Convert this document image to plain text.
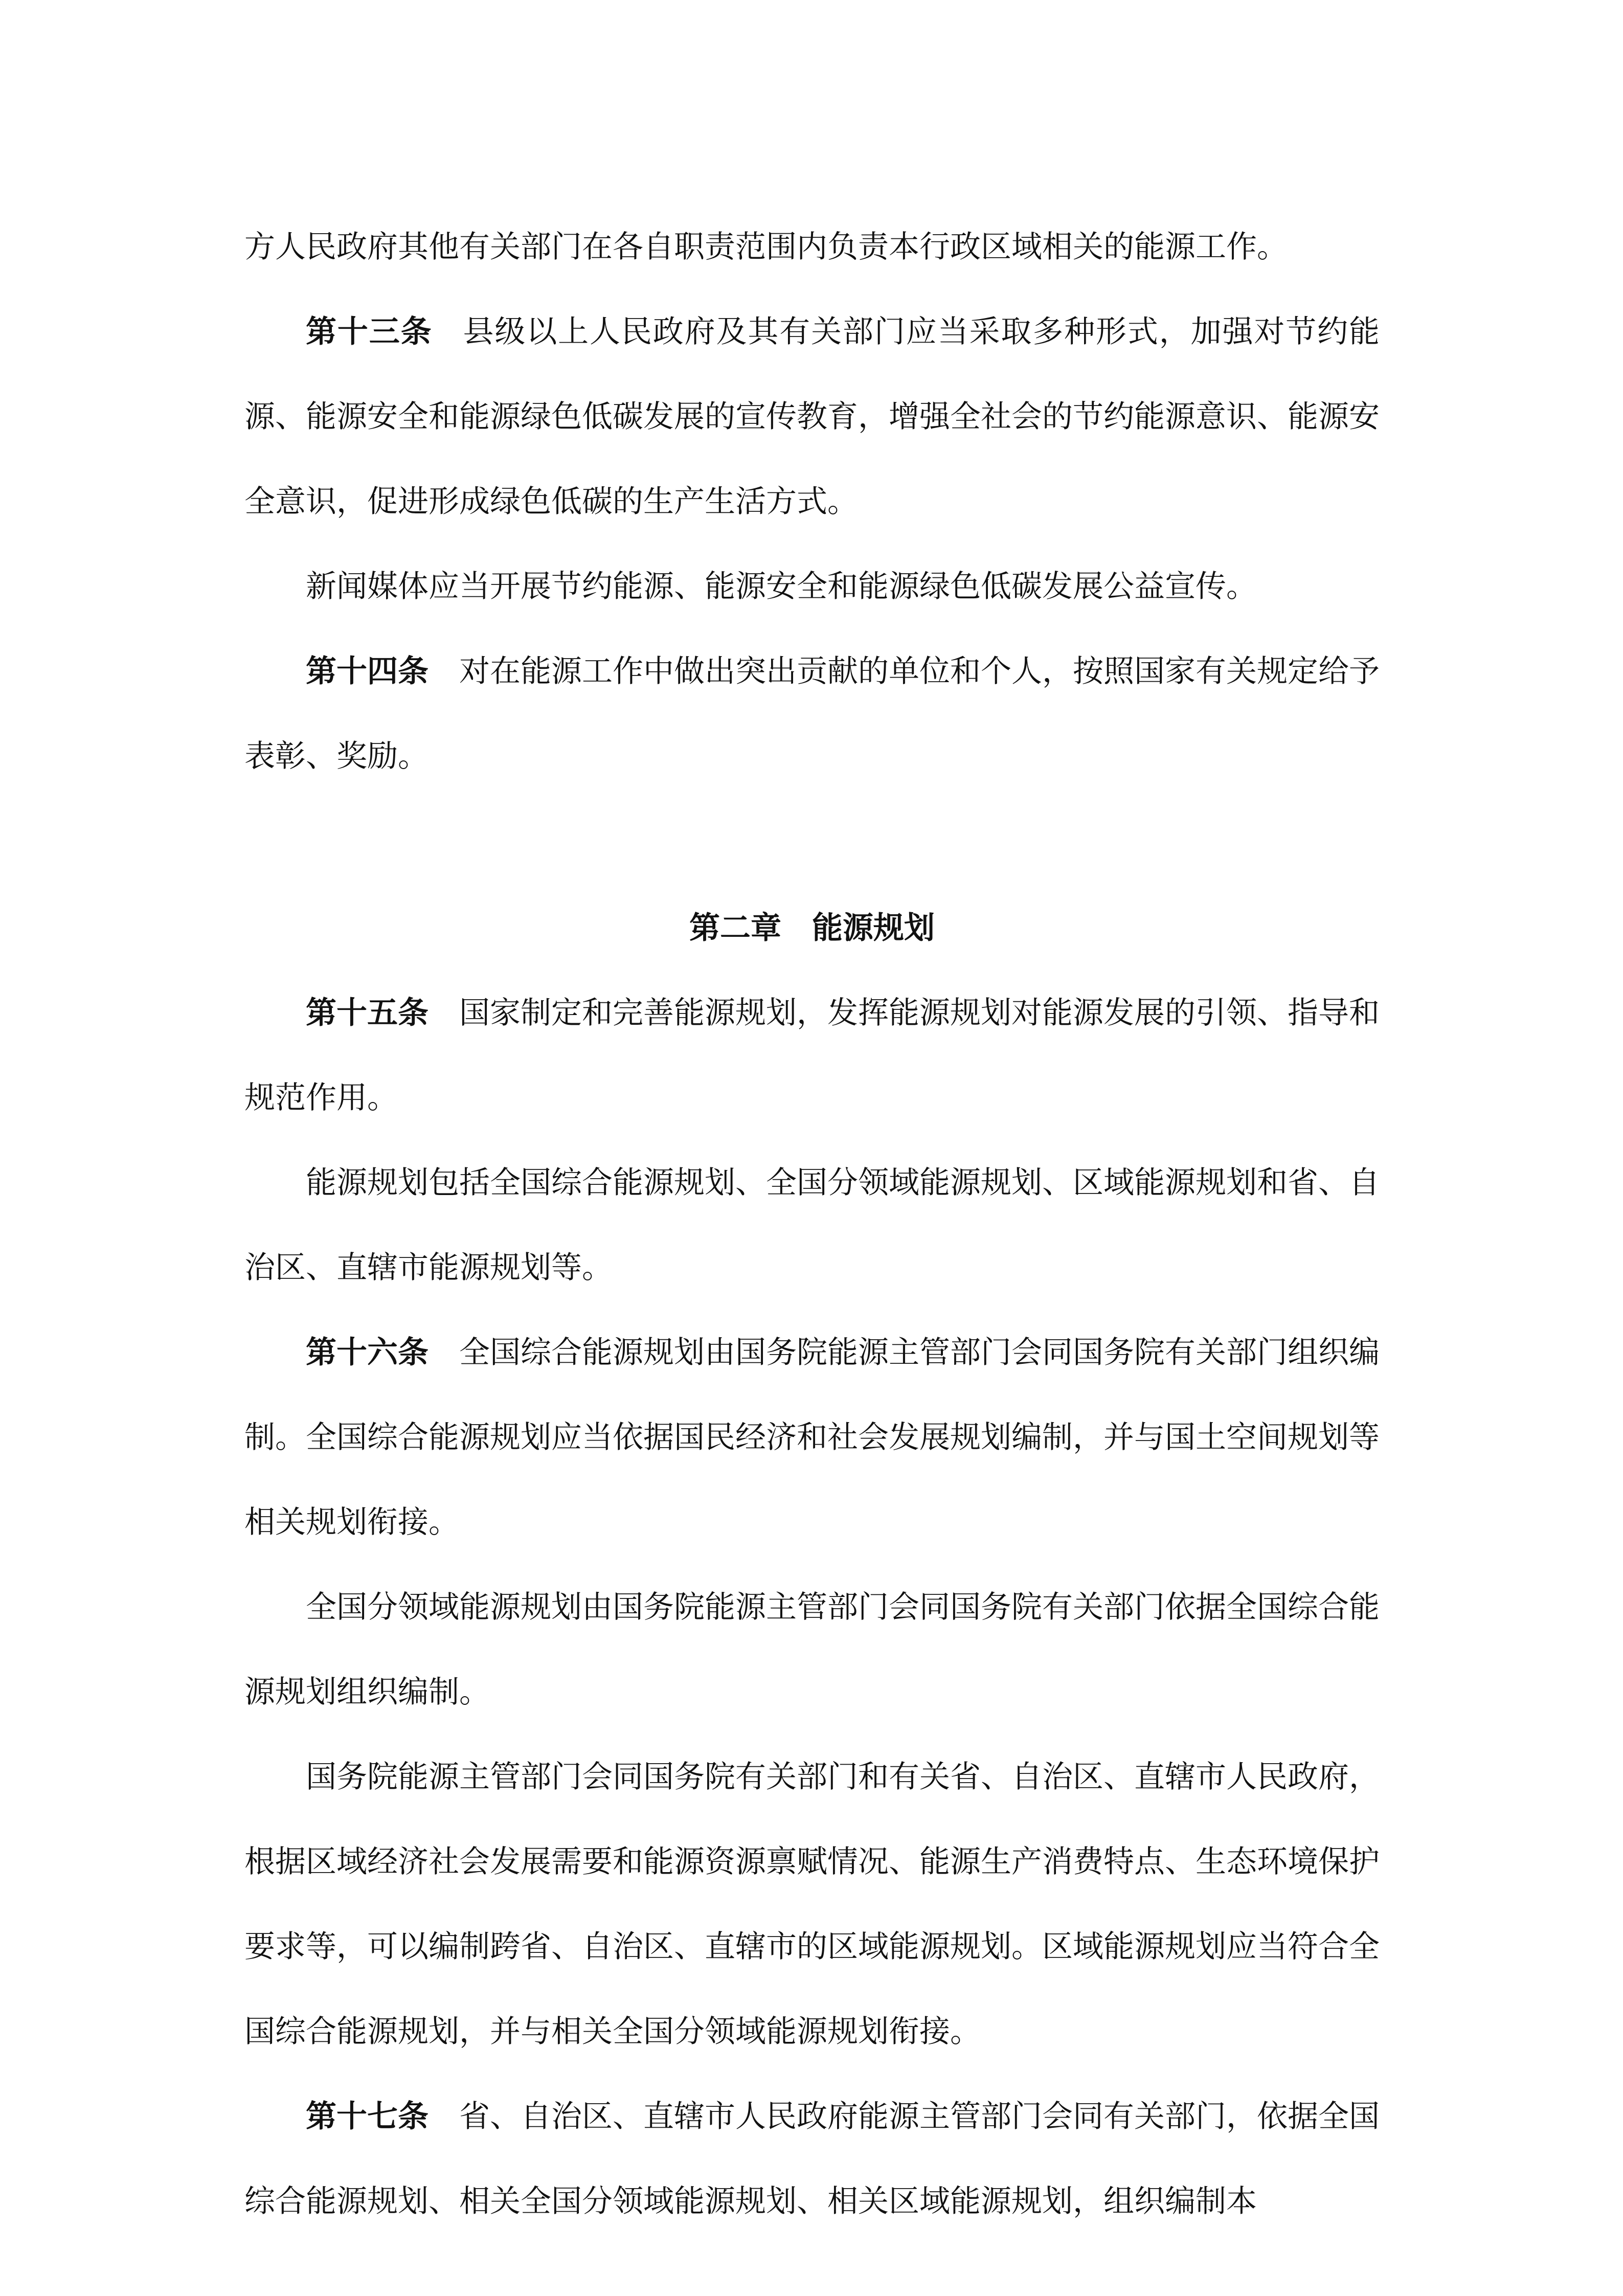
方人民政府其他有关部门在各自职责范围内负责本行政区域相关的能源工作。

第十三条 县级以上人民政府及其有关部门应当采取多种形式，加强对节约能源、能源安全和能源绿色低碳发展的宣传教育，增强全社会的节约能源意识、能源安全意识，促进形成绿色低碳的生产生活方式。

新闻媒体应当开展节约能源、能源安全和能源绿色低碳发展公益宣传。

第十四条 对在能源工作中做出突出贡献的单位和个人，按照国家有关规定给予表彰、奖励。

第二章 能源规划

第十五条 国家制定和完善能源规划，发挥能源规划对能源发展的引领、指导和规范作用。

能源规划包括全国综合能源规划、全国分领域能源规划、区域能源规划和省、自治区、直辖市能源规划等。

第十六条 全国综合能源规划由国务院能源主管部门会同国务院有关部门组织编制。全国综合能源规划应当依据国民经济和社会发展规划编制，并与国土空间规划等相关规划衔接。

全国分领域能源规划由国务院能源主管部门会同国务院有关部门依据全国综合能源规划组织编制。

国务院能源主管部门会同国务院有关部门和有关省、自治区、直辖市人民政府，根据区域经济社会发展需要和能源资源禀赋情况、能源生产消费特点、生态环境保护要求等，可以编制跨省、自治区、直辖市的区域能源规划。区域能源规划应当符合全国综合能源规划，并与相关全国分领域能源规划衔接。

第十七条 省、自治区、直辖市人民政府能源主管部门会同有关部门，依据全国综合能源规划、相关全国分领域能源规划、相关区域能源规划，组织编制本
